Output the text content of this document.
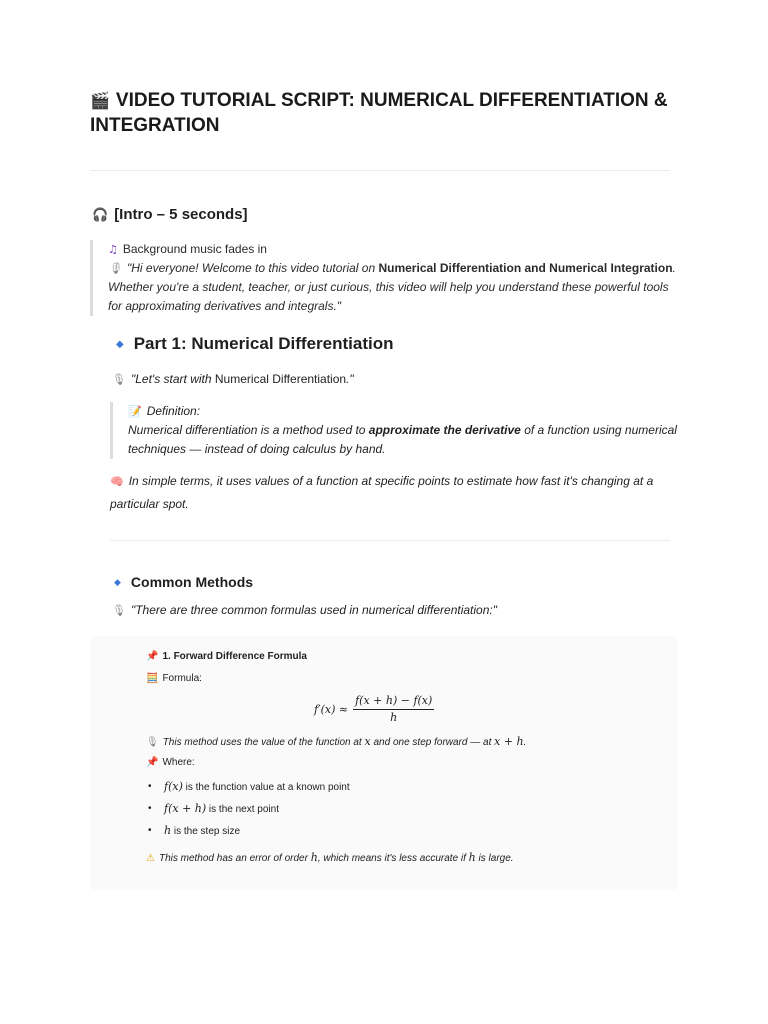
🎬 VIDEO TUTORIAL SCRIPT: NUMERICAL DIFFERENTIATION & INTEGRATION
🎧 [Intro – 5 seconds]
♫ Background music fades in
🎙 "Hi everyone! Welcome to this video tutorial on Numerical Differentiation and Numerical Integration.
Whether you're a student, teacher, or just curious, this video will help you understand these powerful tools
for approximating derivatives and integrals."
◆ Part 1: Numerical Differentiation
🎙 "Let's start with Numerical Differentiation."
📝 Definition:
Numerical differentiation is a method used to approximate the derivative of a function using numerical
techniques — instead of doing calculus by hand.
🧠 In simple terms, it uses values of a function at specific points to estimate how fast it's changing at a
particular spot.
◆ Common Methods
🎙 "There are three common formulas used in numerical differentiation:"
📌 1. Forward Difference Formula
🧮 Formula:
$f'(x) \approx \frac{f(x + h) - f(x)}{h}$
🎙 This method uses the value of the function at x and one step forward — at x + h.
📌 Where:
• f(x) is the function value at a known point
• f(x + h) is the next point
• h is the step size
⚠ This method has an error of order h, which means it's less accurate if h is large.
